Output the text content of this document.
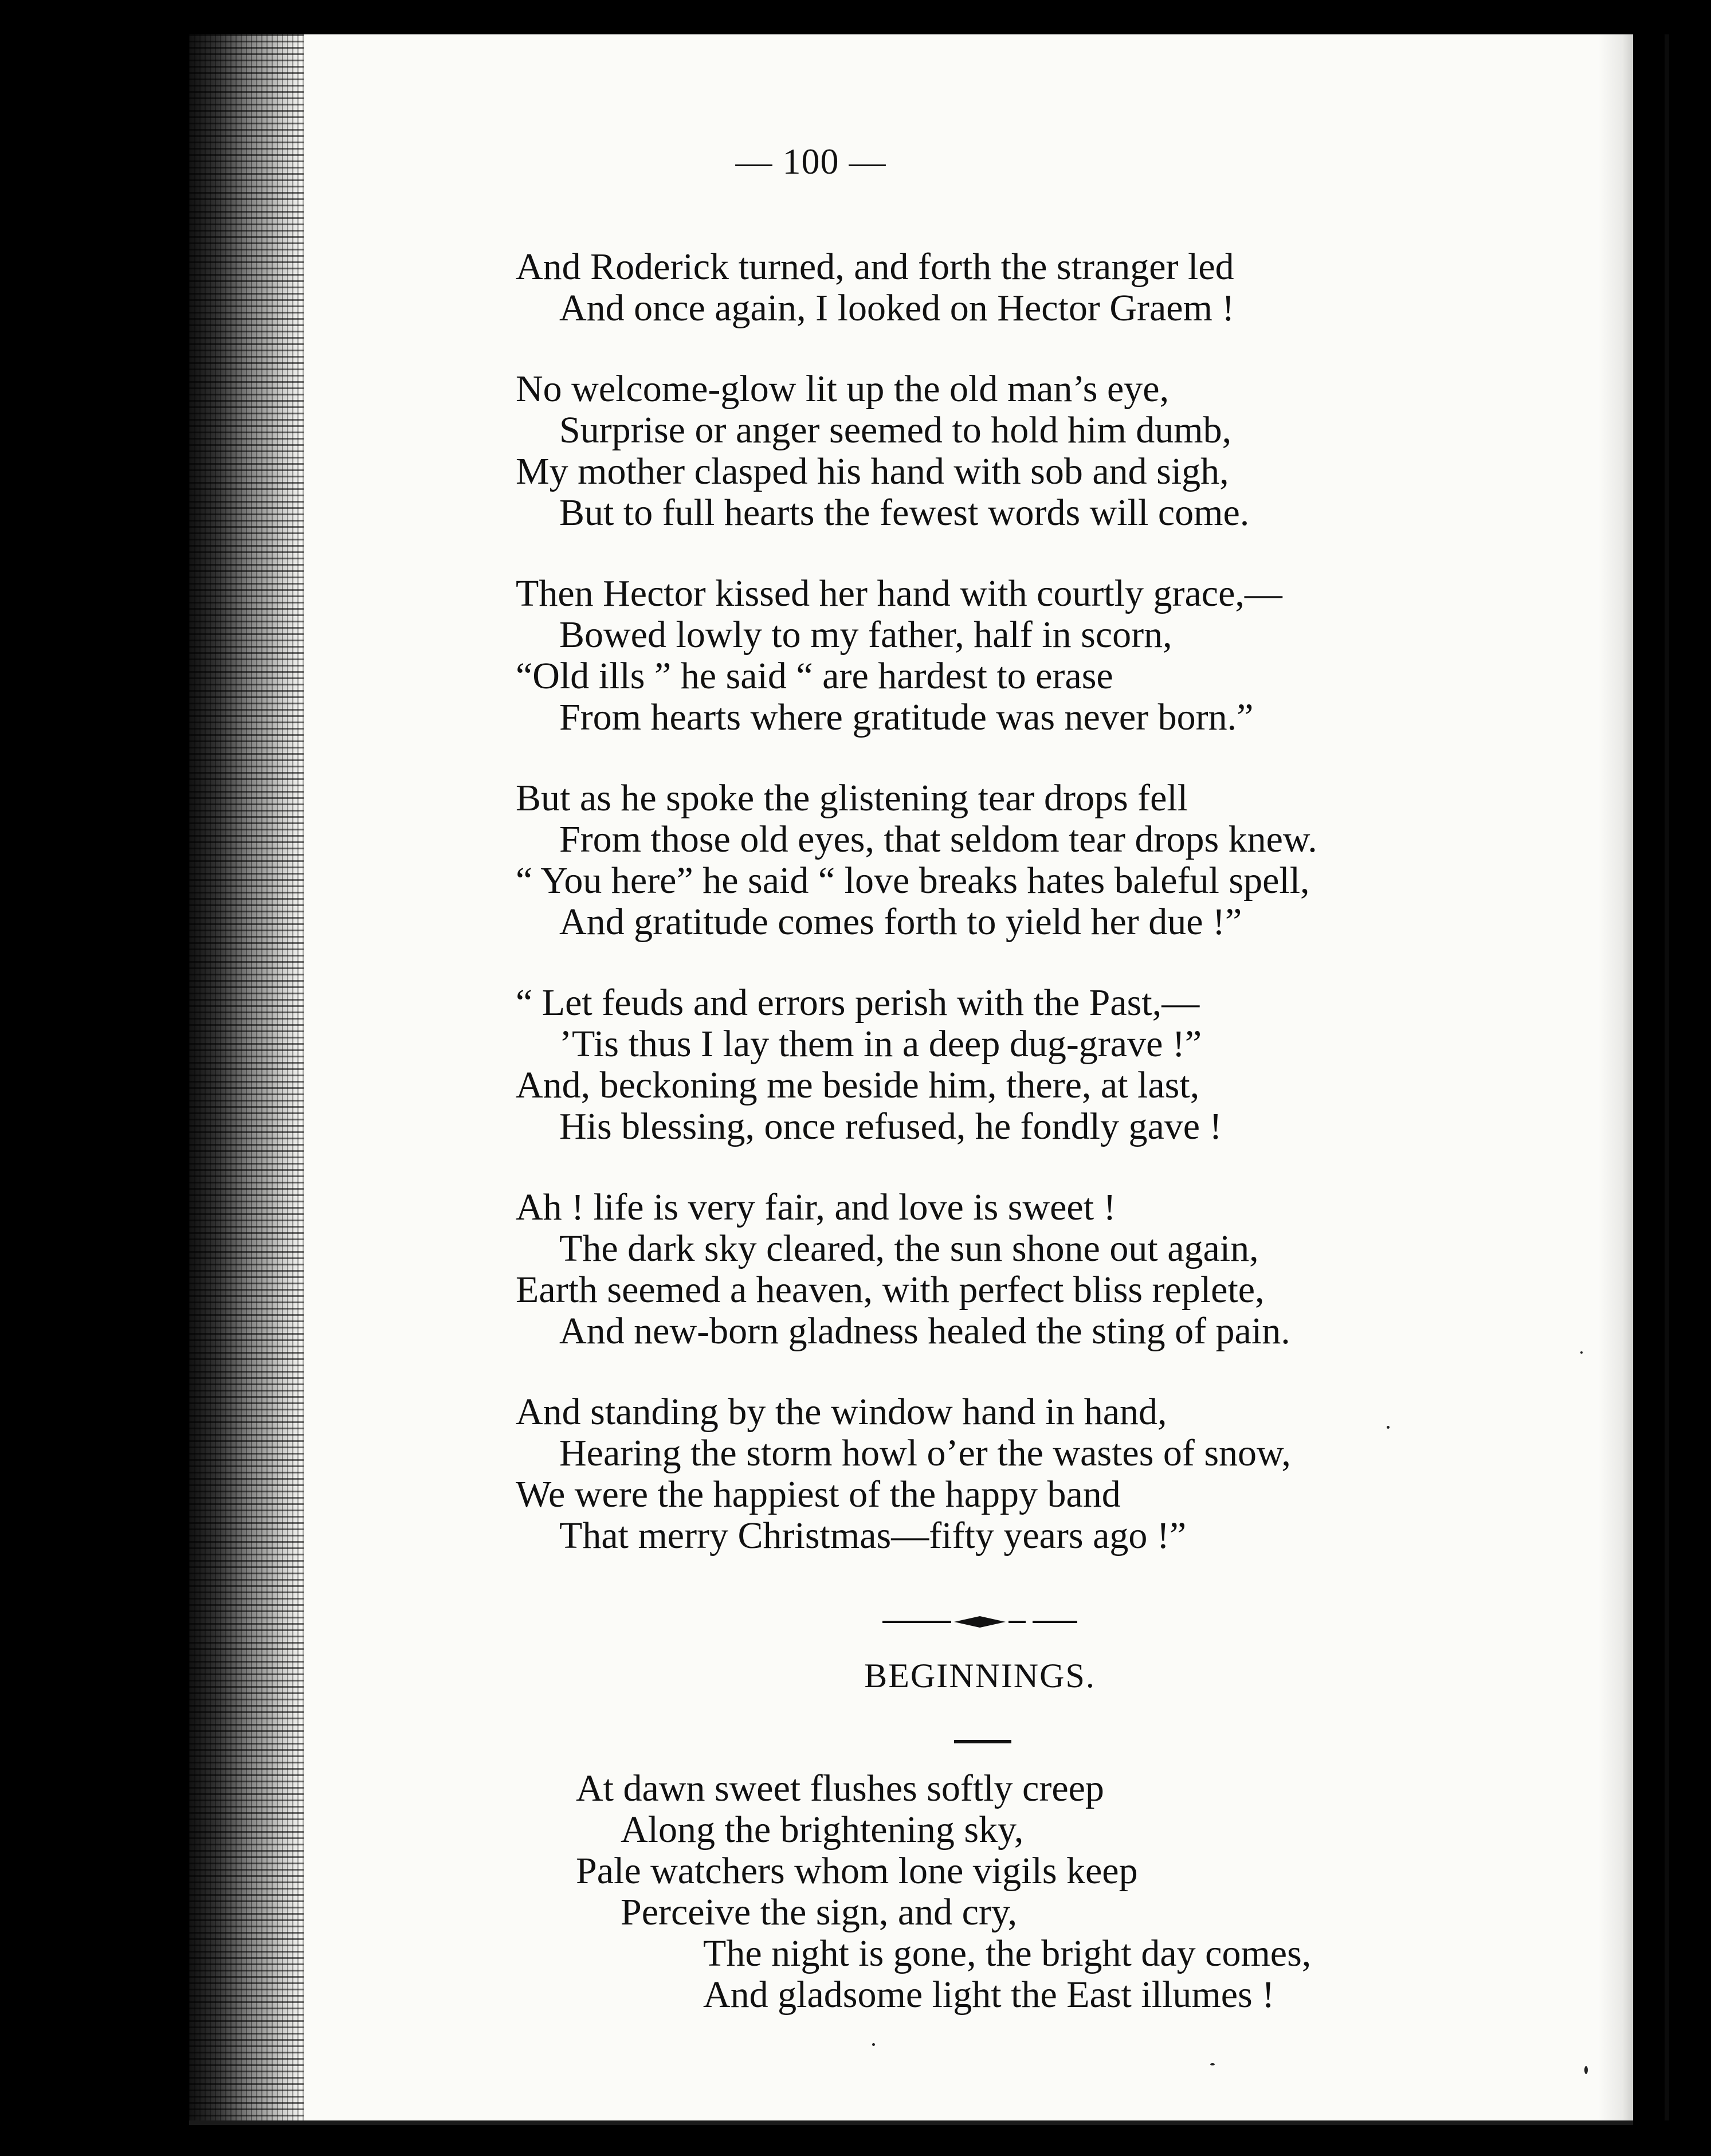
— 100 —
And Roderick turned, and forth the stranger led
And once again, I looked on Hector Graem !
No welcome-glow lit up the old man’s eye,
Surprise or anger seemed to hold him dumb,
My mother clasped his hand with sob and sigh,
But to full hearts the fewest words will come.
Then Hector kissed her hand with courtly grace,—
Bowed lowly to my father, half in scorn,
“Old ills ” he said “ are hardest to erase
From hearts where gratitude was never born.”
But as he spoke the glistening tear drops fell
From those old eyes, that seldom tear drops knew.
“ You here” he said “ love breaks hates baleful spell,
And gratitude comes forth to yield her due !”
“ Let feuds and errors perish with the Past,—
’Tis thus I lay them in a deep dug-grave !”
And, beckoning me beside him, there, at last,
His blessing, once refused, he fondly gave !
Ah ! life is very fair, and love is sweet !
The dark sky cleared, the sun shone out again,
Earth seemed a heaven, with perfect bliss replete,
And new-born gladness healed the sting of pain.
And standing by the window hand in hand,
Hearing the storm howl o’er the wastes of snow,
We were the happiest of the happy band
That merry Christmas—fifty years ago !”
BEGINNINGS.
At dawn sweet flushes softly creep
Along the brightening sky,
Pale watchers whom lone vigils keep
Perceive the sign, and cry,
The night is gone, the bright day comes,
And gladsome light the East illumes !
